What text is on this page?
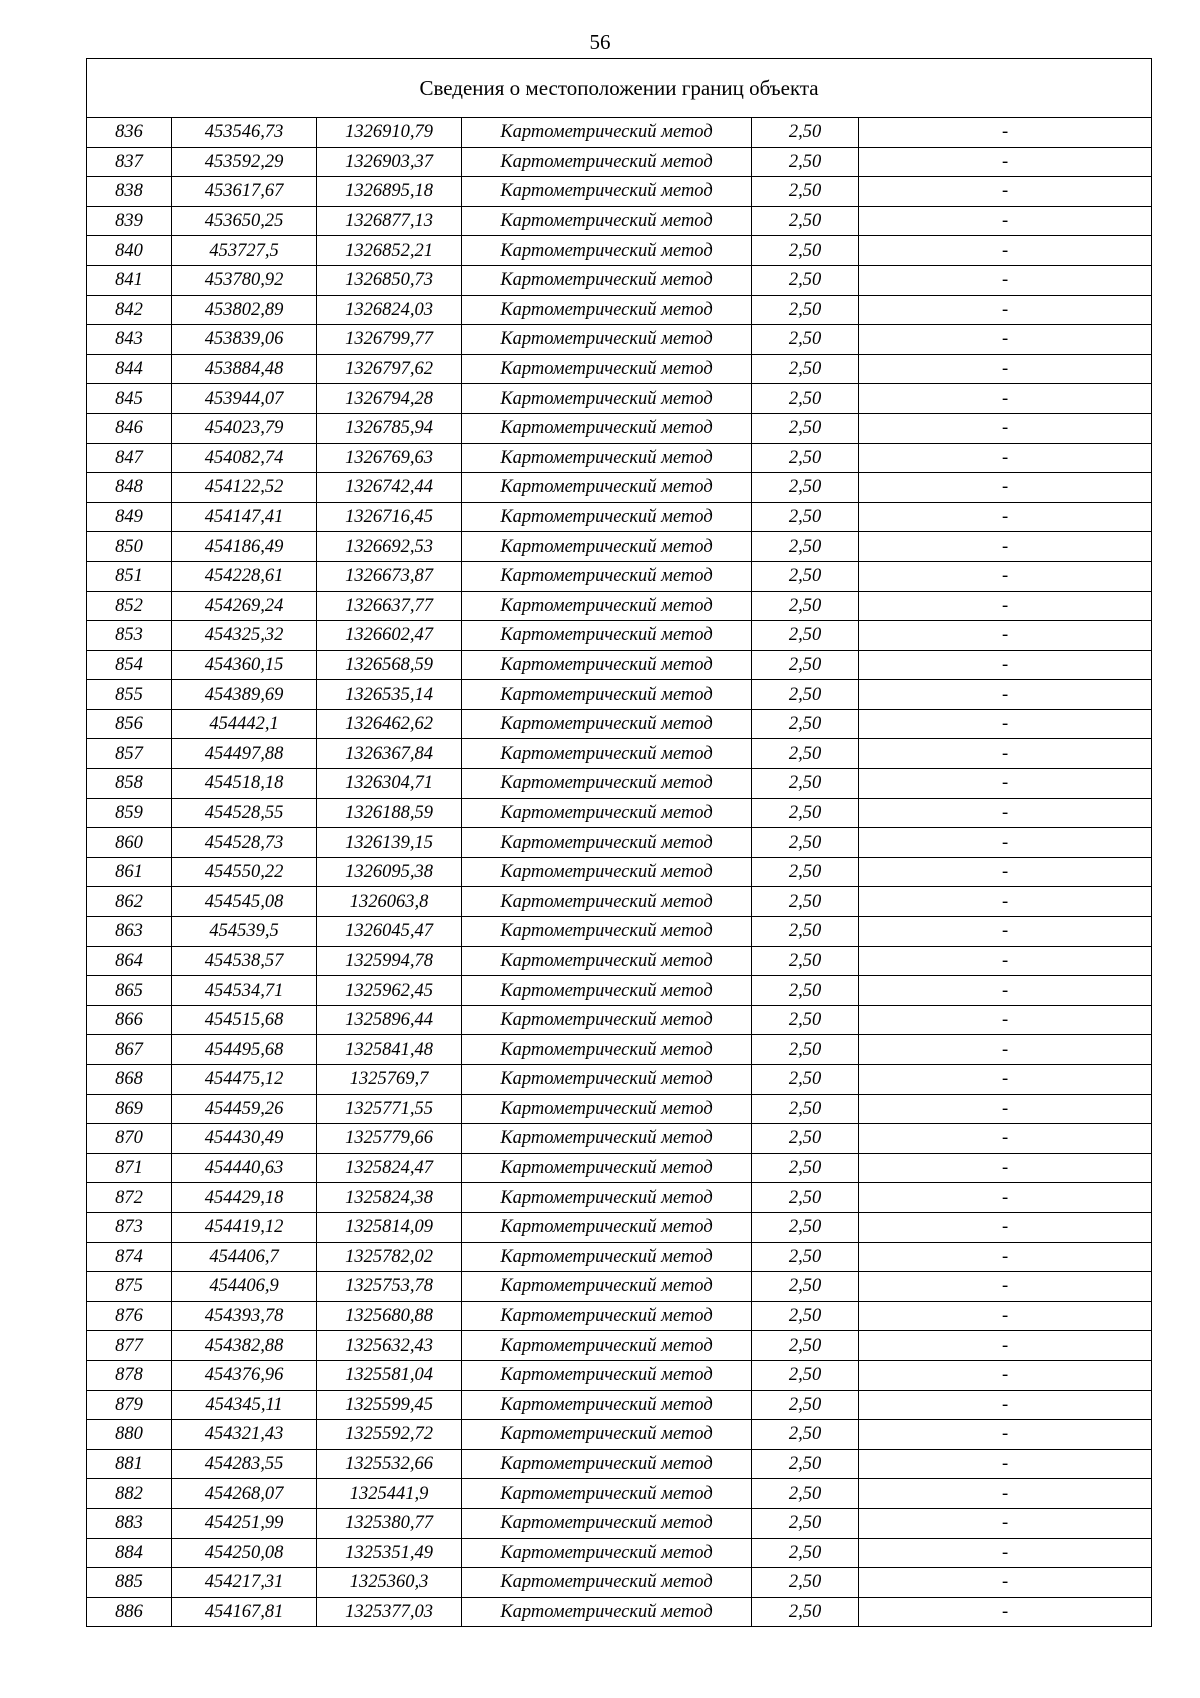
56
Сведения о местоположении границ объекта					
836	453546,73	1326910,79	Картометрический метод	2,50	-
837	453592,29	1326903,37	Картометрический метод	2,50	-
838	453617,67	1326895,18	Картометрический метод	2,50	-
839	453650,25	1326877,13	Картометрический метод	2,50	-
840	453727,5	1326852,21	Картометрический метод	2,50	-
841	453780,92	1326850,73	Картометрический метод	2,50	-
842	453802,89	1326824,03	Картометрический метод	2,50	-
843	453839,06	1326799,77	Картометрический метод	2,50	-
844	453884,48	1326797,62	Картометрический метод	2,50	-
845	453944,07	1326794,28	Картометрический метод	2,50	-
846	454023,79	1326785,94	Картометрический метод	2,50	-
847	454082,74	1326769,63	Картометрический метод	2,50	-
848	454122,52	1326742,44	Картометрический метод	2,50	-
849	454147,41	1326716,45	Картометрический метод	2,50	-
850	454186,49	1326692,53	Картометрический метод	2,50	-
851	454228,61	1326673,87	Картометрический метод	2,50	-
852	454269,24	1326637,77	Картометрический метод	2,50	-
853	454325,32	1326602,47	Картометрический метод	2,50	-
854	454360,15	1326568,59	Картометрический метод	2,50	-
855	454389,69	1326535,14	Картометрический метод	2,50	-
856	454442,1	1326462,62	Картометрический метод	2,50	-
857	454497,88	1326367,84	Картометрический метод	2,50	-
858	454518,18	1326304,71	Картометрический метод	2,50	-
859	454528,55	1326188,59	Картометрический метод	2,50	-
860	454528,73	1326139,15	Картометрический метод	2,50	-
861	454550,22	1326095,38	Картометрический метод	2,50	-
862	454545,08	1326063,8	Картометрический метод	2,50	-
863	454539,5	1326045,47	Картометрический метод	2,50	-
864	454538,57	1325994,78	Картометрический метод	2,50	-
865	454534,71	1325962,45	Картометрический метод	2,50	-
866	454515,68	1325896,44	Картометрический метод	2,50	-
867	454495,68	1325841,48	Картометрический метод	2,50	-
868	454475,12	1325769,7	Картометрический метод	2,50	-
869	454459,26	1325771,55	Картометрический метод	2,50	-
870	454430,49	1325779,66	Картометрический метод	2,50	-
871	454440,63	1325824,47	Картометрический метод	2,50	-
872	454429,18	1325824,38	Картометрический метод	2,50	-
873	454419,12	1325814,09	Картометрический метод	2,50	-
874	454406,7	1325782,02	Картометрический метод	2,50	-
875	454406,9	1325753,78	Картометрический метод	2,50	-
876	454393,78	1325680,88	Картометрический метод	2,50	-
877	454382,88	1325632,43	Картометрический метод	2,50	-
878	454376,96	1325581,04	Картометрический метод	2,50	-
879	454345,11	1325599,45	Картометрический метод	2,50	-
880	454321,43	1325592,72	Картометрический метод	2,50	-
881	454283,55	1325532,66	Картометрический метод	2,50	-
882	454268,07	1325441,9	Картометрический метод	2,50	-
883	454251,99	1325380,77	Картометрический метод	2,50	-
884	454250,08	1325351,49	Картометрический метод	2,50	-
885	454217,31	1325360,3	Картометрический метод	2,50	-
886	454167,81	1325377,03	Картометрический метод	2,50	-
